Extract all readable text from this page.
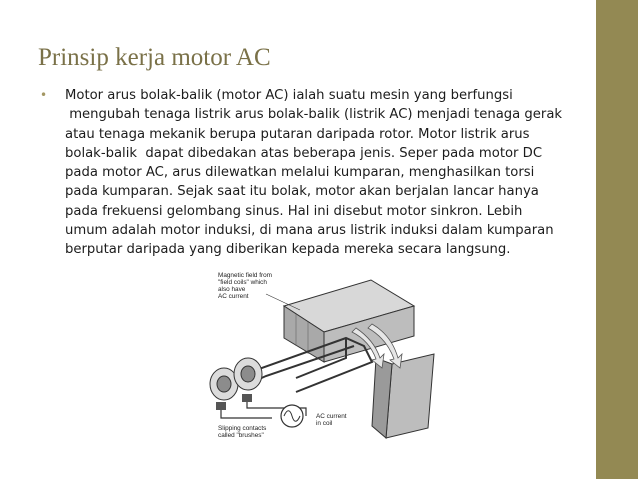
Prinsip kerja motor AC
• Motor arus bolak-balik (motor AC) ialah suatu mesin yang berfungsi
mengubah tenaga listrik arus bolak-balik (listrik AC) menjadi tenaga gerak
atau tenaga mekanik berupa putaran daripada rotor. Motor listrik arus
bolak-balik  dapat dibedakan atas beberapa jenis. Seper pada motor DC
pada motor AC, arus dilewatkan melalui kumparan, menghasilkan torsi
pada kumparan. Sejak saat itu bolak, motor akan berjalan lancar hanya
pada frekuensi gelombang sinus. Hal ini disebut motor sinkron. Lebih
umum adalah motor induksi, di mana arus listrik induksi dalam kumparan
berputar daripada yang diberikan kepada mereka secara langsung.
Magnetic field from
"field coils" which
also have
AC current
Slipping contacts
called "brushes"
AC current
in coil
